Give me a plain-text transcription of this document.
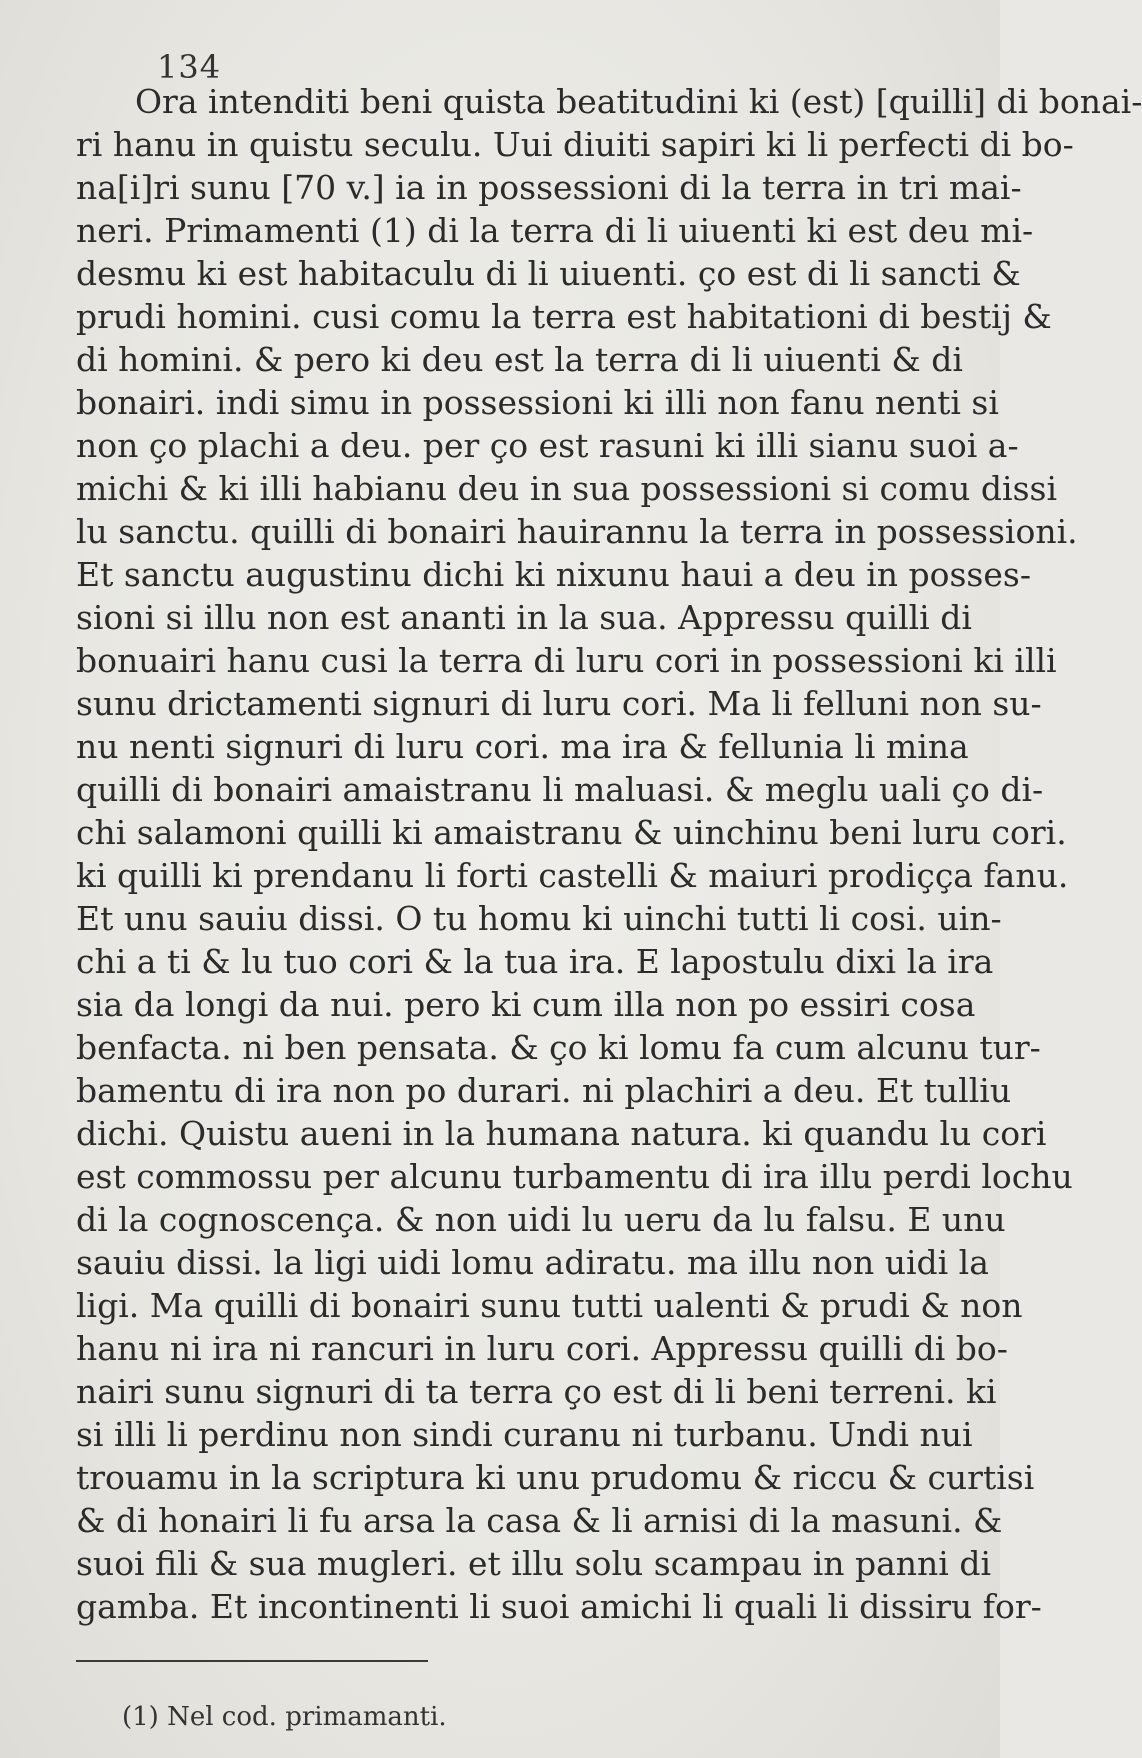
134
Ora intenditi beni quista beatitudini ki (est) [quilli] di bonai-
ri hanu in quistu seculu. Uui diuiti sapiri ki li perfecti di bo-
na[i]ri sunu [70 v.] ia in possessioni di la terra in tri mai-
neri. Primamenti (1) di la terra di li uiuenti ki est deu mi-
desmu ki est habitaculu di li uiuenti. ço est di li sancti &
prudi homini. cusi comu la terra est habitationi di bestij &
di homini. & pero ki deu est la terra di li uiuenti & di
bonairi. indi simu in possessioni ki illi non fanu nenti si
non ço plachi a deu. per ço est rasuni ki illi sianu suoi a-
michi & ki illi habianu deu in sua possessioni si comu dissi
lu sanctu. quilli di bonairi hauirannu la terra in possessioni.
Et sanctu augustinu dichi ki nixunu haui a deu in posses-
sioni si illu non est ananti in la sua. Appressu quilli di
bonuairi hanu cusi la terra di luru cori in possessioni ki illi
sunu drictamenti signuri di luru cori. Ma li felluni non su-
nu nenti signuri di luru cori. ma ira & fellunia li mina
quilli di bonairi amaistranu li maluasi. & meglu uali ço di-
chi salamoni quilli ki amaistranu & uinchinu beni luru cori.
ki quilli ki prendanu li forti castelli & maiuri prodiçça fanu.
Et unu sauiu dissi. O tu homu ki uinchi tutti li cosi. uin-
chi a ti & lu tuo cori & la tua ira. E lapostulu dixi la ira
sia da longi da nui. pero ki cum illa non po essiri cosa
benfacta. ni ben pensata. & ço ki lomu fa cum alcunu tur-
bamentu di ira non po durari. ni plachiri a deu. Et tulliu
dichi. Quistu aueni in la humana natura. ki quandu lu cori
est commossu per alcunu turbamentu di ira illu perdi lochu
di la cognoscença. & non uidi lu ueru da lu falsu. E unu
sauiu dissi. la ligi uidi lomu adiratu. ma illu non uidi la
ligi. Ma quilli di bonairi sunu tutti ualenti & prudi & non
hanu ni ira ni rancuri in luru cori. Appressu quilli di bo-
nairi sunu signuri di ta terra ço est di li beni terreni. ki
si illi li perdinu non sindi curanu ni turbanu. Undi nui
trouamu in la scriptura ki unu prudomu & riccu & curtisi
& di honairi li fu arsa la casa & li arnisi di la masuni. &
suoi fili & sua mugleri. et illu solu scampau in panni di
gamba. Et incontinenti li suoi amichi li quali li dissiru for-
(1) Nel cod. primamanti.
